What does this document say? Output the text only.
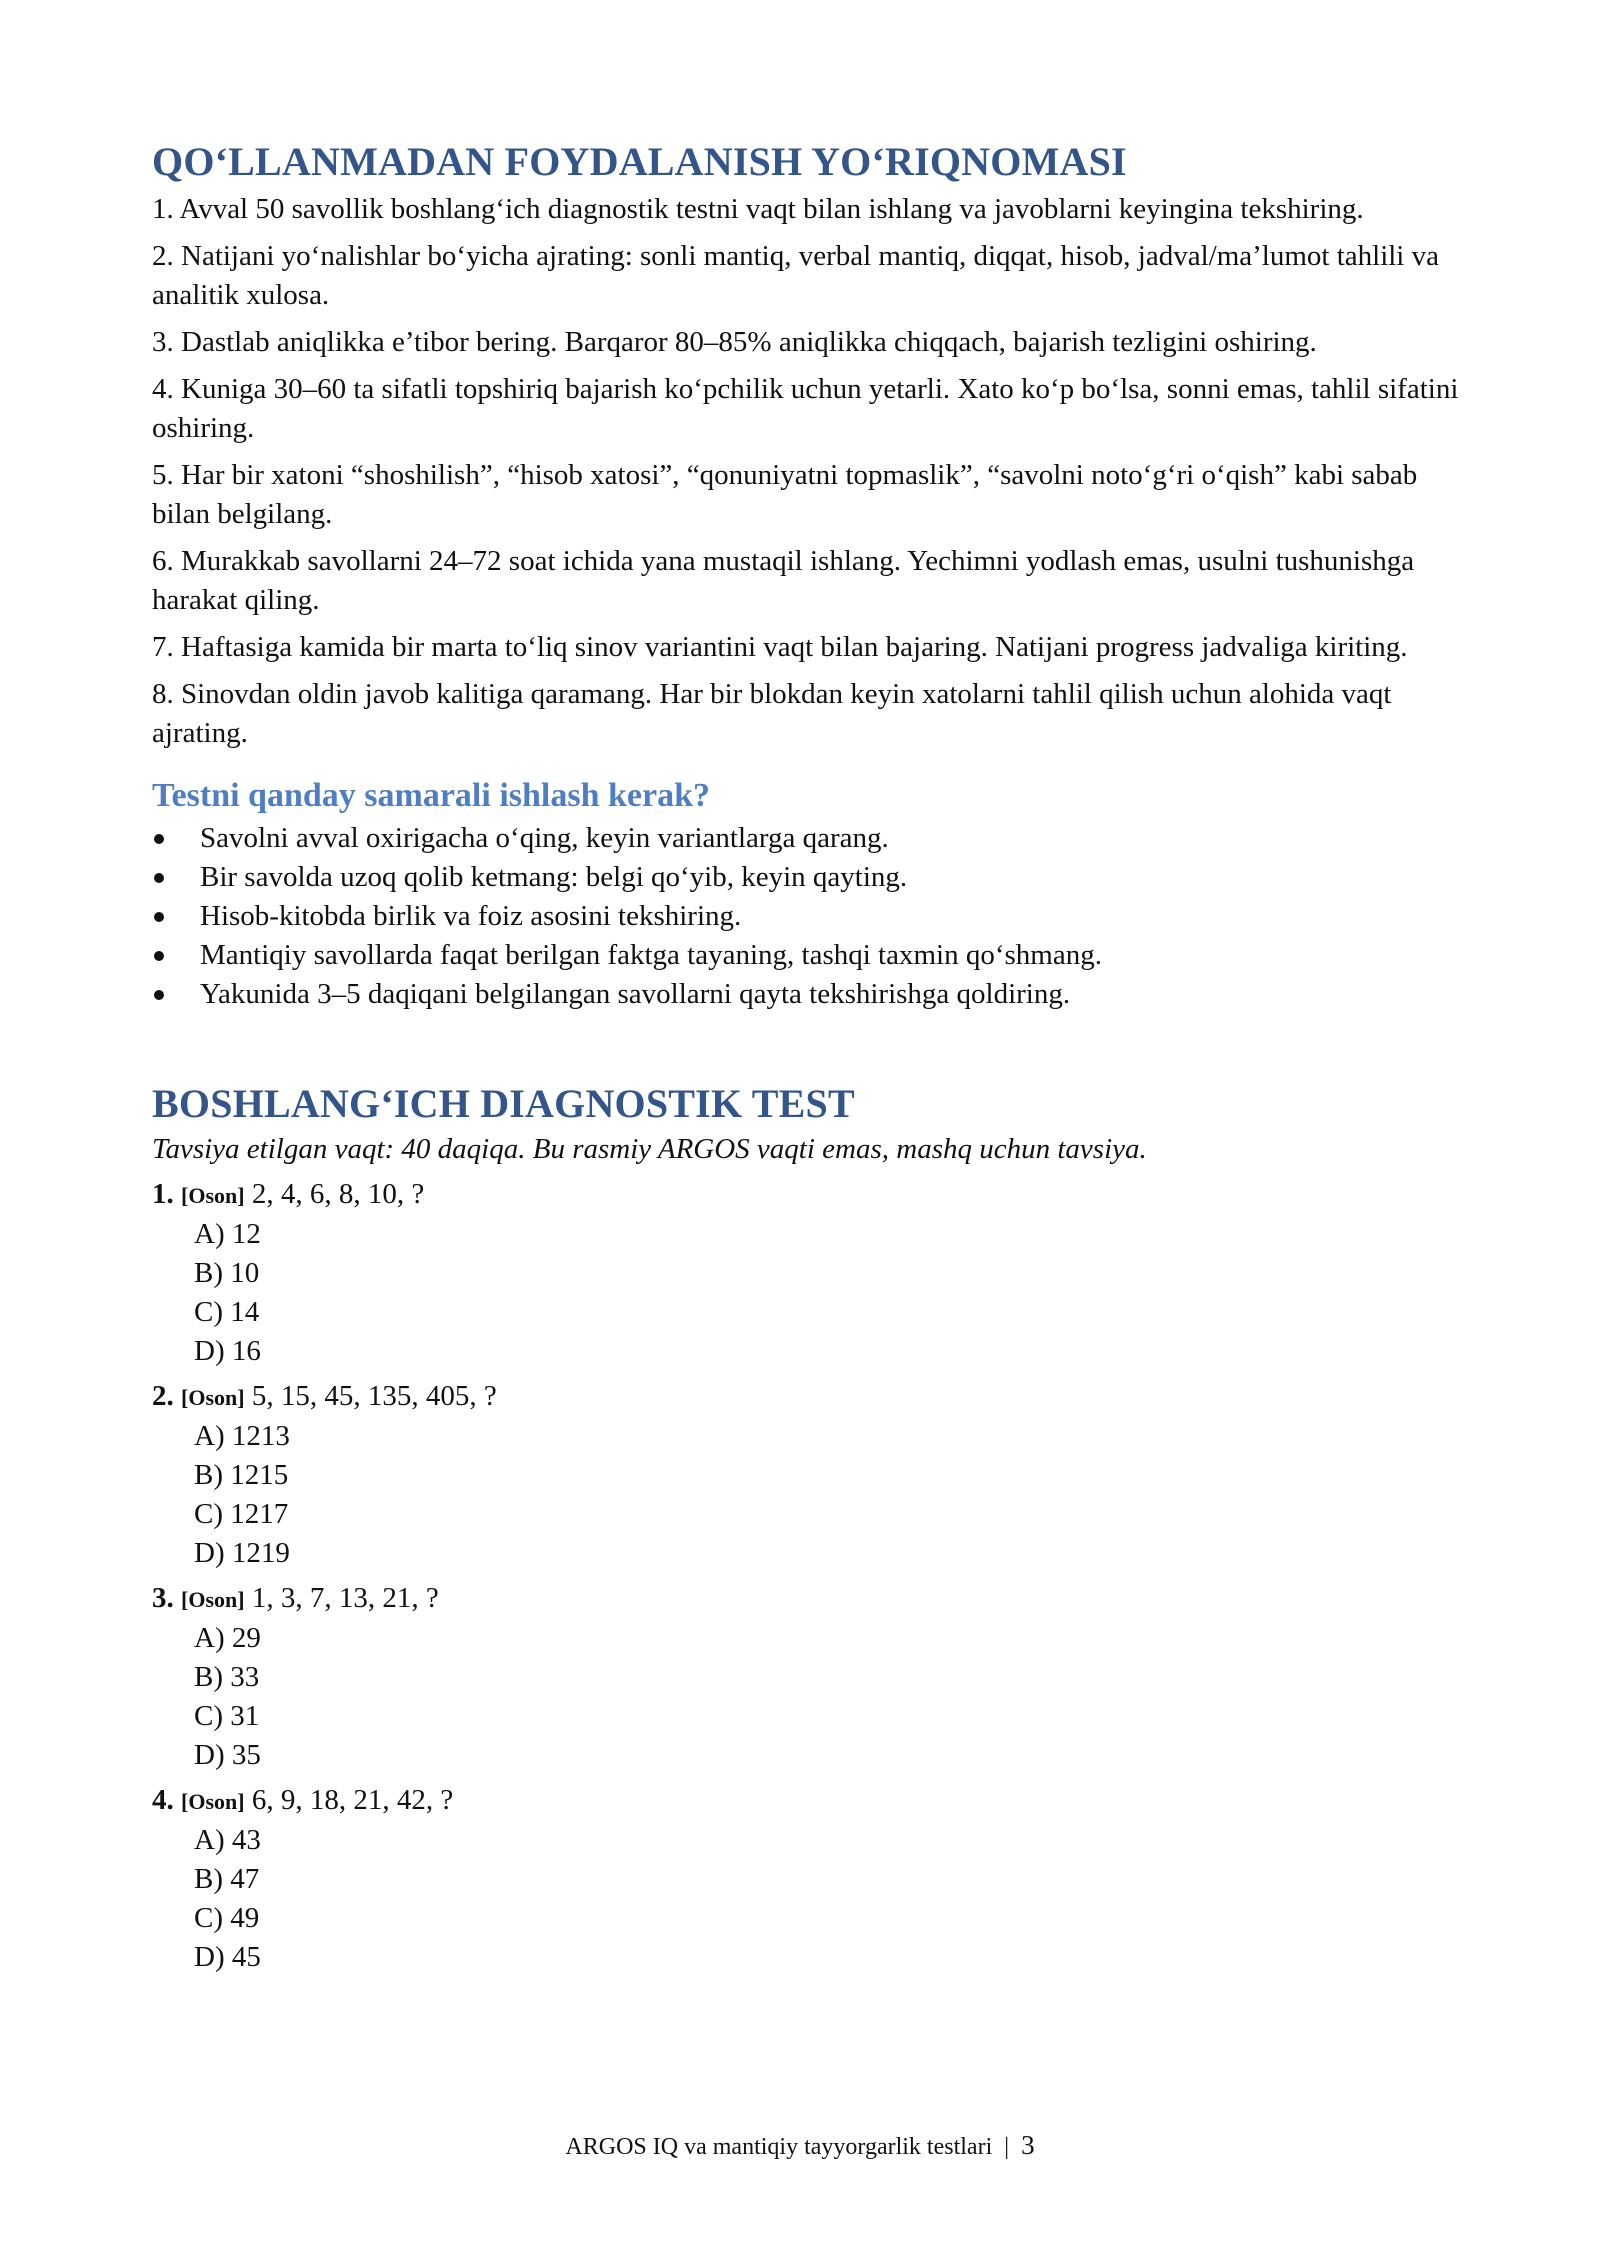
QO‘LLANMADAN FOYDALANISH YO‘RIQNOMASI

1. Avval 50 savollik boshlang‘ich diagnostik testni vaqt bilan ishlang va javoblarni keyingina tekshiring.

2. Natijani yo‘nalishlar bo‘yicha ajrating: sonli mantiq, verbal mantiq, diqqat, hisob, jadval/ma’lumot tahlili va analitik xulosa.

3. Dastlab aniqlikka e’tibor bering. Barqaror 80–85% aniqlikka chiqqach, bajarish tezligini oshiring.

4. Kuniga 30–60 ta sifatli topshiriq bajarish ko‘pchilik uchun yetarli. Xato ko‘p bo‘lsa, sonni emas, tahlil sifatini oshiring.

5. Har bir xatoni “shoshilish”, “hisob xatosi”, “qonuniyatni topmaslik”, “savolni noto‘g‘ri o‘qish” kabi sabab bilan belgilang.

6. Murakkab savollarni 24–72 soat ichida yana mustaqil ishlang. Yechimni yodlash emas, usulni tushunishga harakat qiling.

7. Haftasiga kamida bir marta to‘liq sinov variantini vaqt bilan bajaring. Natijani progress jadvaliga kiriting.

8. Sinovdan oldin javob kalitiga qaramang. Har bir blokdan keyin xatolarni tahlil qilish uchun alohida vaqt ajrating.

Testni qanday samarali ishlash kerak?
Savolni avval oxirigacha o‘qing, keyin variantlarga qarang.
Bir savolda uzoq qolib ketmang: belgi qo‘yib, keyin qayting.
Hisob-kitobda birlik va foiz asosini tekshiring.
Mantiqiy savollarda faqat berilgan faktga tayaning, tashqi taxmin qo‘shmang.
Yakunida 3–5 daqiqani belgilangan savollarni qayta tekshirishga qoldiring.
BOSHLANG‘ICH DIAGNOSTIK TEST

Tavsiya etilgan vaqt: 40 daqiqa. Bu rasmiy ARGOS vaqti emas, mashq uchun tavsiya.

1. [Oson] 2, 4, 6, 8, 10, ?
A) 12
B) 10
C) 14
D) 16
2. [Oson] 5, 15, 45, 135, 405, ?
A) 1213
B) 1215
C) 1217
D) 1219
3. [Oson] 1, 3, 7, 13, 21, ?
A) 29
B) 33
C) 31
D) 35
4. [Oson] 6, 9, 18, 21, 42, ?
A) 43
B) 47
C) 49
D) 45
ARGOS IQ va mantiqiy tayyorgarlik testlari | 3
